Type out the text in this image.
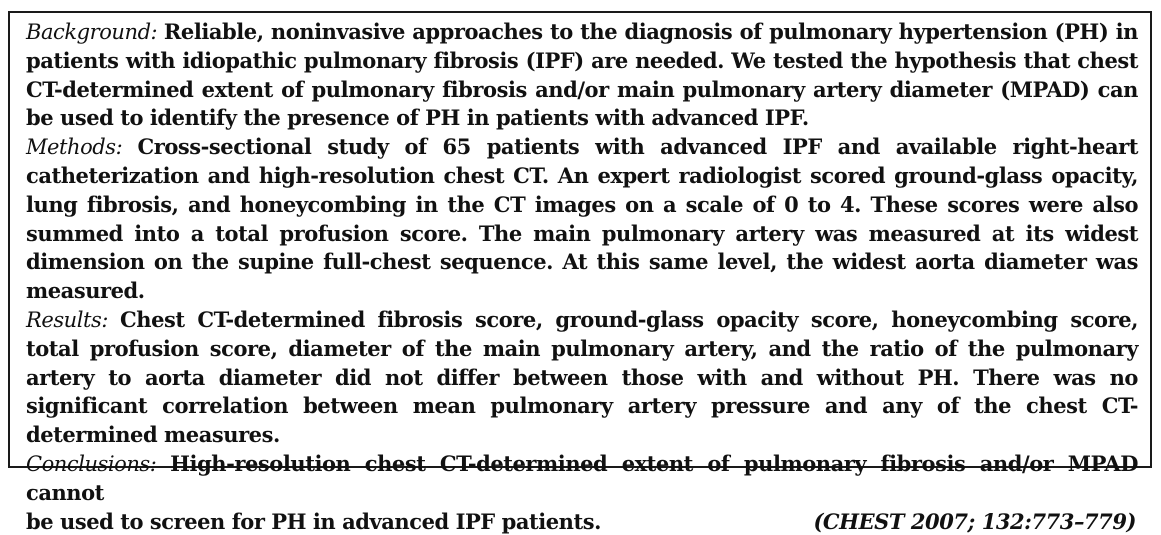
Background: Reliable, noninvasive approaches to the diagnosis of pulmonary hypertension (PH) in patients with idiopathic pulmonary fibrosis (IPF) are needed. We tested the hypothesis that chest CT-determined extent of pulmonary fibrosis and/or main pulmonary artery diameter (MPAD) can be used to identify the presence of PH in patients with advanced IPF.

Methods: Cross-sectional study of 65 patients with advanced IPF and available right-heart catheterization and high-resolution chest CT. An expert radiologist scored ground-glass opacity, lung fibrosis, and honeycombing in the CT images on a scale of 0 to 4. These scores were also summed into a total profusion score. The main pulmonary artery was measured at its widest dimension on the supine full-chest sequence. At this same level, the widest aorta diameter was measured.

Results: Chest CT-determined fibrosis score, ground-glass opacity score, honeycombing score, total profusion score, diameter of the main pulmonary artery, and the ratio of the pulmonary artery to aorta diameter did not differ between those with and without PH. There was no significant correlation between mean pulmonary artery pressure and any of the chest CT-determined measures.

Conclusions: High-resolution chest CT-determined extent of pulmonary fibrosis and/or MPAD cannot
be used to screen for PH in advanced IPF patients.	(CHEST 2007; 132:773–779)
